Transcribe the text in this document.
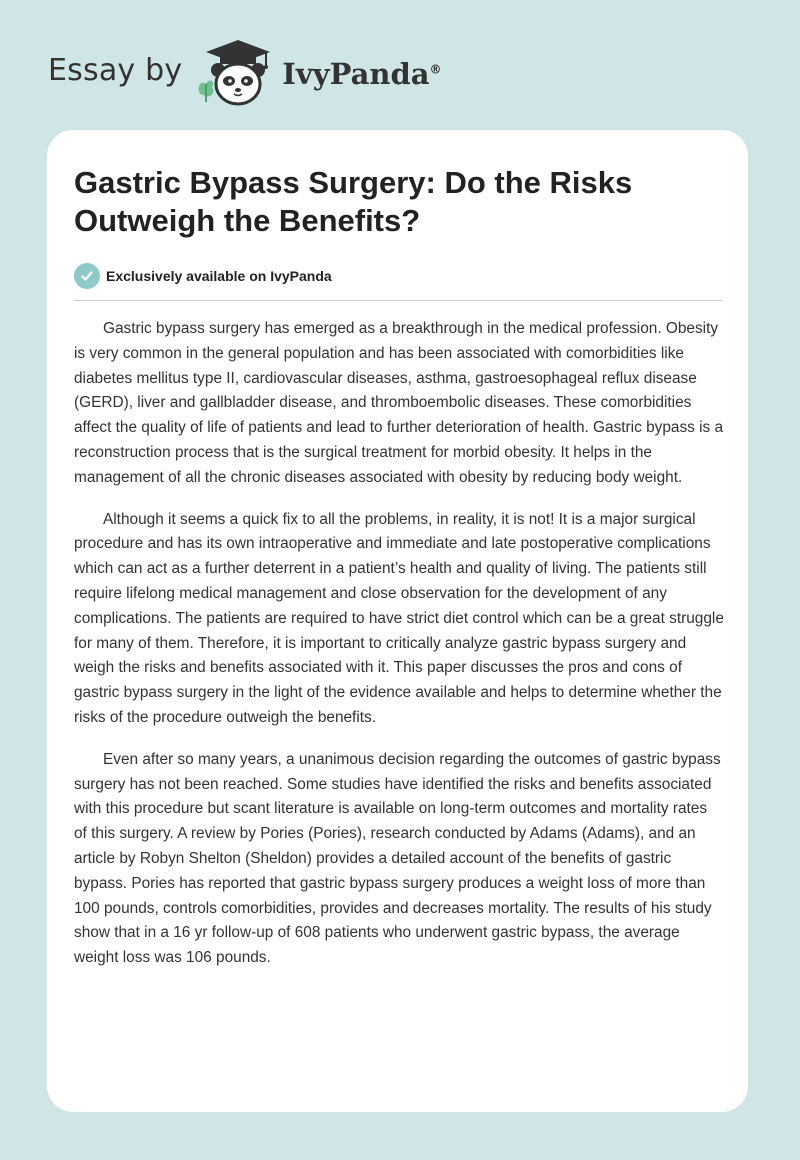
Essay by	IvyPanda®
Gastric Bypass Surgery: Do the Risks Outweigh the Benefits?
Exclusively available on IvyPanda

Gastric bypass surgery has emerged as a breakthrough in the medical profession. Obesity is very common in the general population and has been associated with comorbidities like diabetes mellitus type II, cardiovascular diseases, asthma, gastroesophageal reflux disease (GERD), liver and gallbladder disease, and thromboembolic diseases. These comorbidities affect the quality of life of patients and lead to further deterioration of health. Gastric bypass is a reconstruction process that is the surgical treatment for morbid obesity. It helps in the management of all the chronic diseases associated with obesity by reducing body weight.

Although it seems a quick fix to all the problems, in reality, it is not! It is a major surgical procedure and has its own intraoperative and immediate and late postoperative complications which can act as a further deterrent in a patient’s health and quality of living. The patients still require lifelong medical management and close observation for the development of any complications. The patients are required to have strict diet control which can be a great struggle for many of them. Therefore, it is important to critically analyze gastric bypass surgery and weigh the risks and benefits associated with it. This paper discusses the pros and cons of gastric bypass surgery in the light of the evidence available and helps to determine whether the risks of the procedure outweigh the benefits.

Even after so many years, a unanimous decision regarding the outcomes of gastric bypass surgery has not been reached. Some studies have identified the risks and benefits associated with this procedure but scant literature is available on long-term outcomes and mortality rates of this surgery. A review by Pories (Pories), research conducted by Adams (Adams), and an article by Robyn Shelton (Sheldon) provides a detailed account of the benefits of gastric bypass. Pories has reported that gastric bypass surgery produces a weight loss of more than 100 pounds, controls comorbidities, provides and decreases mortality. The results of his study show that in a 16 yr follow-up of 608 patients who underwent gastric bypass, the average weight loss was 106 pounds.
